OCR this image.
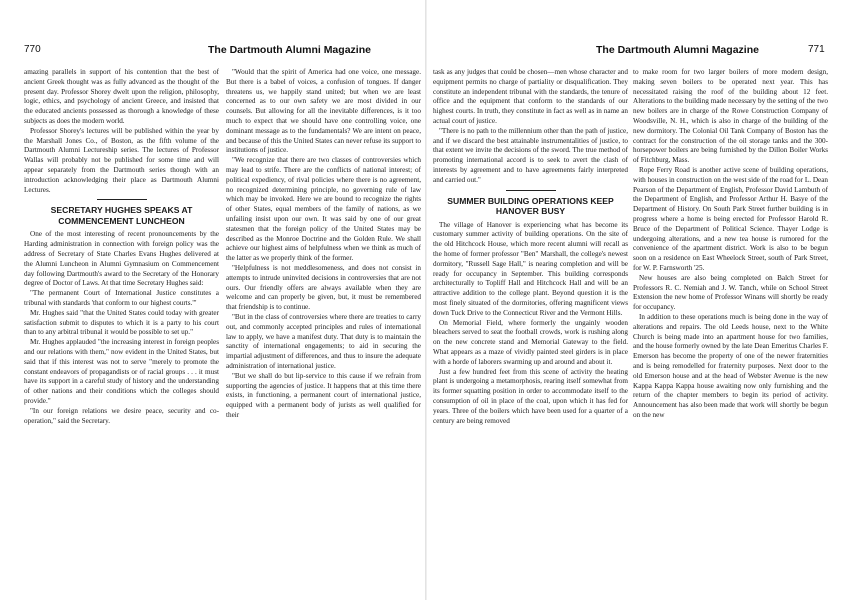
770	The Dartmouth Alumni Magazine	The Dartmouth Alumni Magazine	771

amazing parallels in support of his contention that the best of ancient Greek thought was as fully advanced as the thought of the present day. Professor Shorey dwelt upon the religion, philosophy, logic, ethics, and psychology of ancient Greece, and insisted that the educated ancients possessed as thorough a knowledge of these subjects as does the modern world.

Professor Shorey's lectures will be published within the year by the Marshall Jones Co., of Boston, as the fifth volume of the Dartmouth Alumni Lectureship series. The lectures of Professor Wallas will probably not be published for some time and will appear separately from the Dartmouth series though with an introduction acknowledging their place as Dartmouth Alumni Lectures.

SECRETARY HUGHES SPEAKS AT COMMENCEMENT LUNCHEON

One of the most interesting of recent pronouncements by the Harding administration in connection with foreign policy was the address of Secretary of State Charles Evans Hughes delivered at the Alumni Luncheon in Alumni Gymnasium on Commencement day following Dartmouth's award to the Secretary of the Honorary degree of Doctor of Laws. At that time Secretary Hughes said:

"The permanent Court of International Justice constitutes a tribunal with standards 'that conform to our highest courts.'"

Mr. Hughes said "that the United States could today with greater satisfaction submit to disputes to which it is a party to his court than to any arbitral tribunal it would be possible to set up."

Mr. Hughes applauded "the increasing interest in foreign peoples and our relations with them," now evident in the United States, but said that if this interest was not to serve "merely to promote the constant endeavors of propagandists or of racial groups . . . it must have its support in a careful study of history and the understanding of other nations and their conditions which the colleges should provide."

"In our foreign relations we desire peace, security and co-operation," said the Secretary.

"Would that the spirit of America had one voice, one message. But there is a babel of voices, a confusion of tongues. If danger threatens us, we happily stand united; but when we are least concerned as to our own safety we are most divided in our counsels. But allowing for all the inevitable differences, is it too much to expect that we should have one controlling voice, one dominant message as to the fundamentals? We are intent on peace, and because of this the United States can never refuse its support to institutions of justice.

"We recognize that there are two classes of controversies which may lead to strife. There are the conflicts of national interest; of political expediency, of rival policies where there is no agreement, no recognized determining principle, no governing rule of law which may be invoked. Here we are bound to recognize the rights of other States, equal members of the family of nations, as we unfailing insist upon our own. It was said by one of our great statesmen that the foreign policy of the United States may be described as the Monroe Doctrine and the Golden Rule. We shall achieve our highest aims of helpfulness when we think as much of the latter as we properly think of the former.

"Helpfulness is not meddlesomeness, and does not consist in attempts to intrude uninvited decisions in controversies that are not ours. Our friendly offers are always available when they are welcome and can properly be given, but, it must be remembered that friendship is to continue.

"But in the class of controversies where there are treaties to carry out, and commonly accepted principles and rules of international law to apply, we have a manifest duty. That duty is to maintain the sanctity of international engagements; to aid in securing the impartial adjustment of differences, and thus to insure the adequate administration of international justice.

"But we shall do but lip-service to this cause if we refrain from supporting the agencies of justice. It happens that at this time there exists, in functioning, a permanent court of international justice, equipped with a permanent body of jurists as well qualified for their

task as any judges that could be chosen—men whose character and equipment permits no charge of partiality or disqualification. They constitute an independent tribunal with the standards, the tenure of office and the equipment that conform to the standards of our highest courts. In truth, they constitute in fact as well as in name an actual court of justice.

"There is no path to the millennium other than the path of justice, and if we discard the best attainable instrumentalities of justice, to that extent we invite the decisions of the sword. The true method of promoting international accord is to seek to avert the clash of interests by agreement and to have agreements fairly interpreted and carried out."

SUMMER BUILDING OPERATIONS KEEP HANOVER BUSY

The village of Hanover is experiencing what has become its customary summer activity of building operations. On the site of the old Hitchcock House, which more recent alumni will recall as the home of former professor "Ben" Marshall, the college's newest dormitory, "Russell Sage Hall," is nearing completion and will be ready for occupancy in September. This building corresponds architecturally to Topliff Hall and Hitchcock Hall and will be an attractive addition to the college plant. Beyond question it is the most finely situated of the dormitories, offering magnificent views down Tuck Drive to the Connecticut River and the Vermont Hills.

On Memorial Field, where formerly the ungainly wooden bleachers served to seat the football crowds, work is rushing along on the new concrete stand and Memorial Gateway to the field. What appears as a maze of vividly painted steel girders is in place with a horde of laborers swarming up and around and about it.

Just a few hundred feet from this scene of activity the heating plant is undergoing a metamorphosis, rearing itself somewhat from its former squatting position in order to accommodate itself to the consumption of oil in place of the coal, upon which it has fed for years. Three of the boilers which have been used for a quarter of a century are being removed

to make room for two larger boilers of more modern design, making seven boilers to be operated next year. This has necessitated raising the roof of the building about 12 feet. Alterations to the building made necessary by the setting of the two new boilers are in charge of the Rowe Construction Company of Woodsville, N. H., which is also in charge of the building of the new dormitory. The Colonial Oil Tank Company of Boston has the contract for the construction of the oil storage tanks and the 300-horsepower boilers are being furnished by the Dillon Boiler Works of Fitchburg, Mass.

Rope Ferry Road is another active scene of building operations, with houses in construction on the west side of the road for L. Dean Pearson of the Department of English, Professor David Lambuth of the Department of English, and Professor Arthur H. Basye of the Department of History. On South Park Street further building is in progress where a home is being erected for Professor Harold R. Bruce of the Department of Political Science. Thayer Lodge is undergoing alterations, and a new tea house is rumored for the convenience of the apartment district. Work is also to be begun soon on a residence on East Wheelock Street, south of Park Street, for W. P. Farnsworth '25.

New houses are also being completed on Balch Street for Professors R. C. Nemiah and J. W. Tanch, while on School Street Extension the new home of Professor Winans will shortly be ready for occupancy.

In addition to these operations much is being done in the way of alterations and repairs. The old Leeds house, next to the White Church is being made into an apartment house for two families, and the house formerly owned by the late Dean Emeritus Charles F. Emerson has become the property of one of the newer fraternities and is being remodelled for fraternity purposes. Next door to the old Emerson house and at the head of Webster Avenue is the new Kappa Kappa Kappa house awaiting now only furnishing and the return of the chapter members to begin its period of activity. Announcement has also been made that work will shortly be begun on the new
